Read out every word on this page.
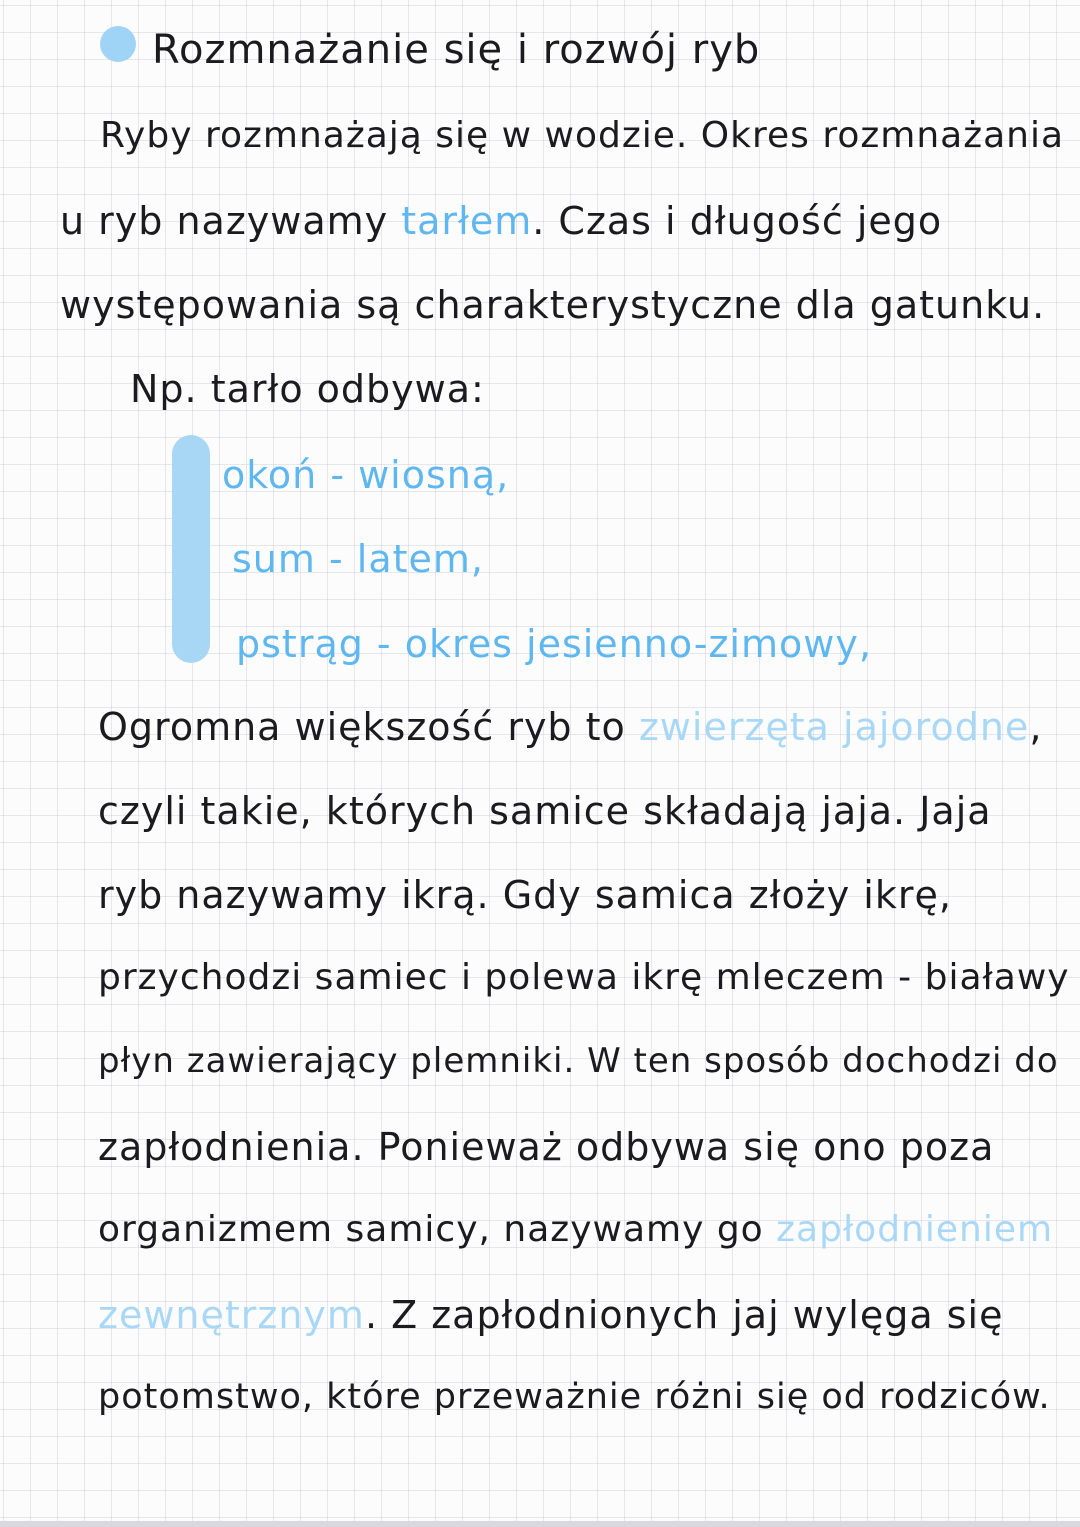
Rozmnażanie się i rozwój ryb
Ryby rozmnażają się w wodzie. Okres rozmnażania
u ryb nazywamy tarłem. Czas i długość jego
występowania są charakterystyczne dla gatunku.
Np. tarło odbywa:
okoń - wiosną,
sum - latem,
pstrąg - okres jesienno-zimowy,
Ogromna większość ryb to zwierzęta jajorodne,
czyli takie, których samice składają jaja. Jaja
ryb nazywamy ikrą. Gdy samica złoży ikrę,
przychodzi samiec i polewa ikrę mleczem - białawy
płyn zawierający plemniki. W ten sposób dochodzi do
zapłodnienia. Ponieważ odbywa się ono poza
organizmem samicy, nazywamy go zapłodnieniem
zewnętrznym. Z zapłodnionych jaj wylęga się
potomstwo, które przeważnie różni się od rodziców.
